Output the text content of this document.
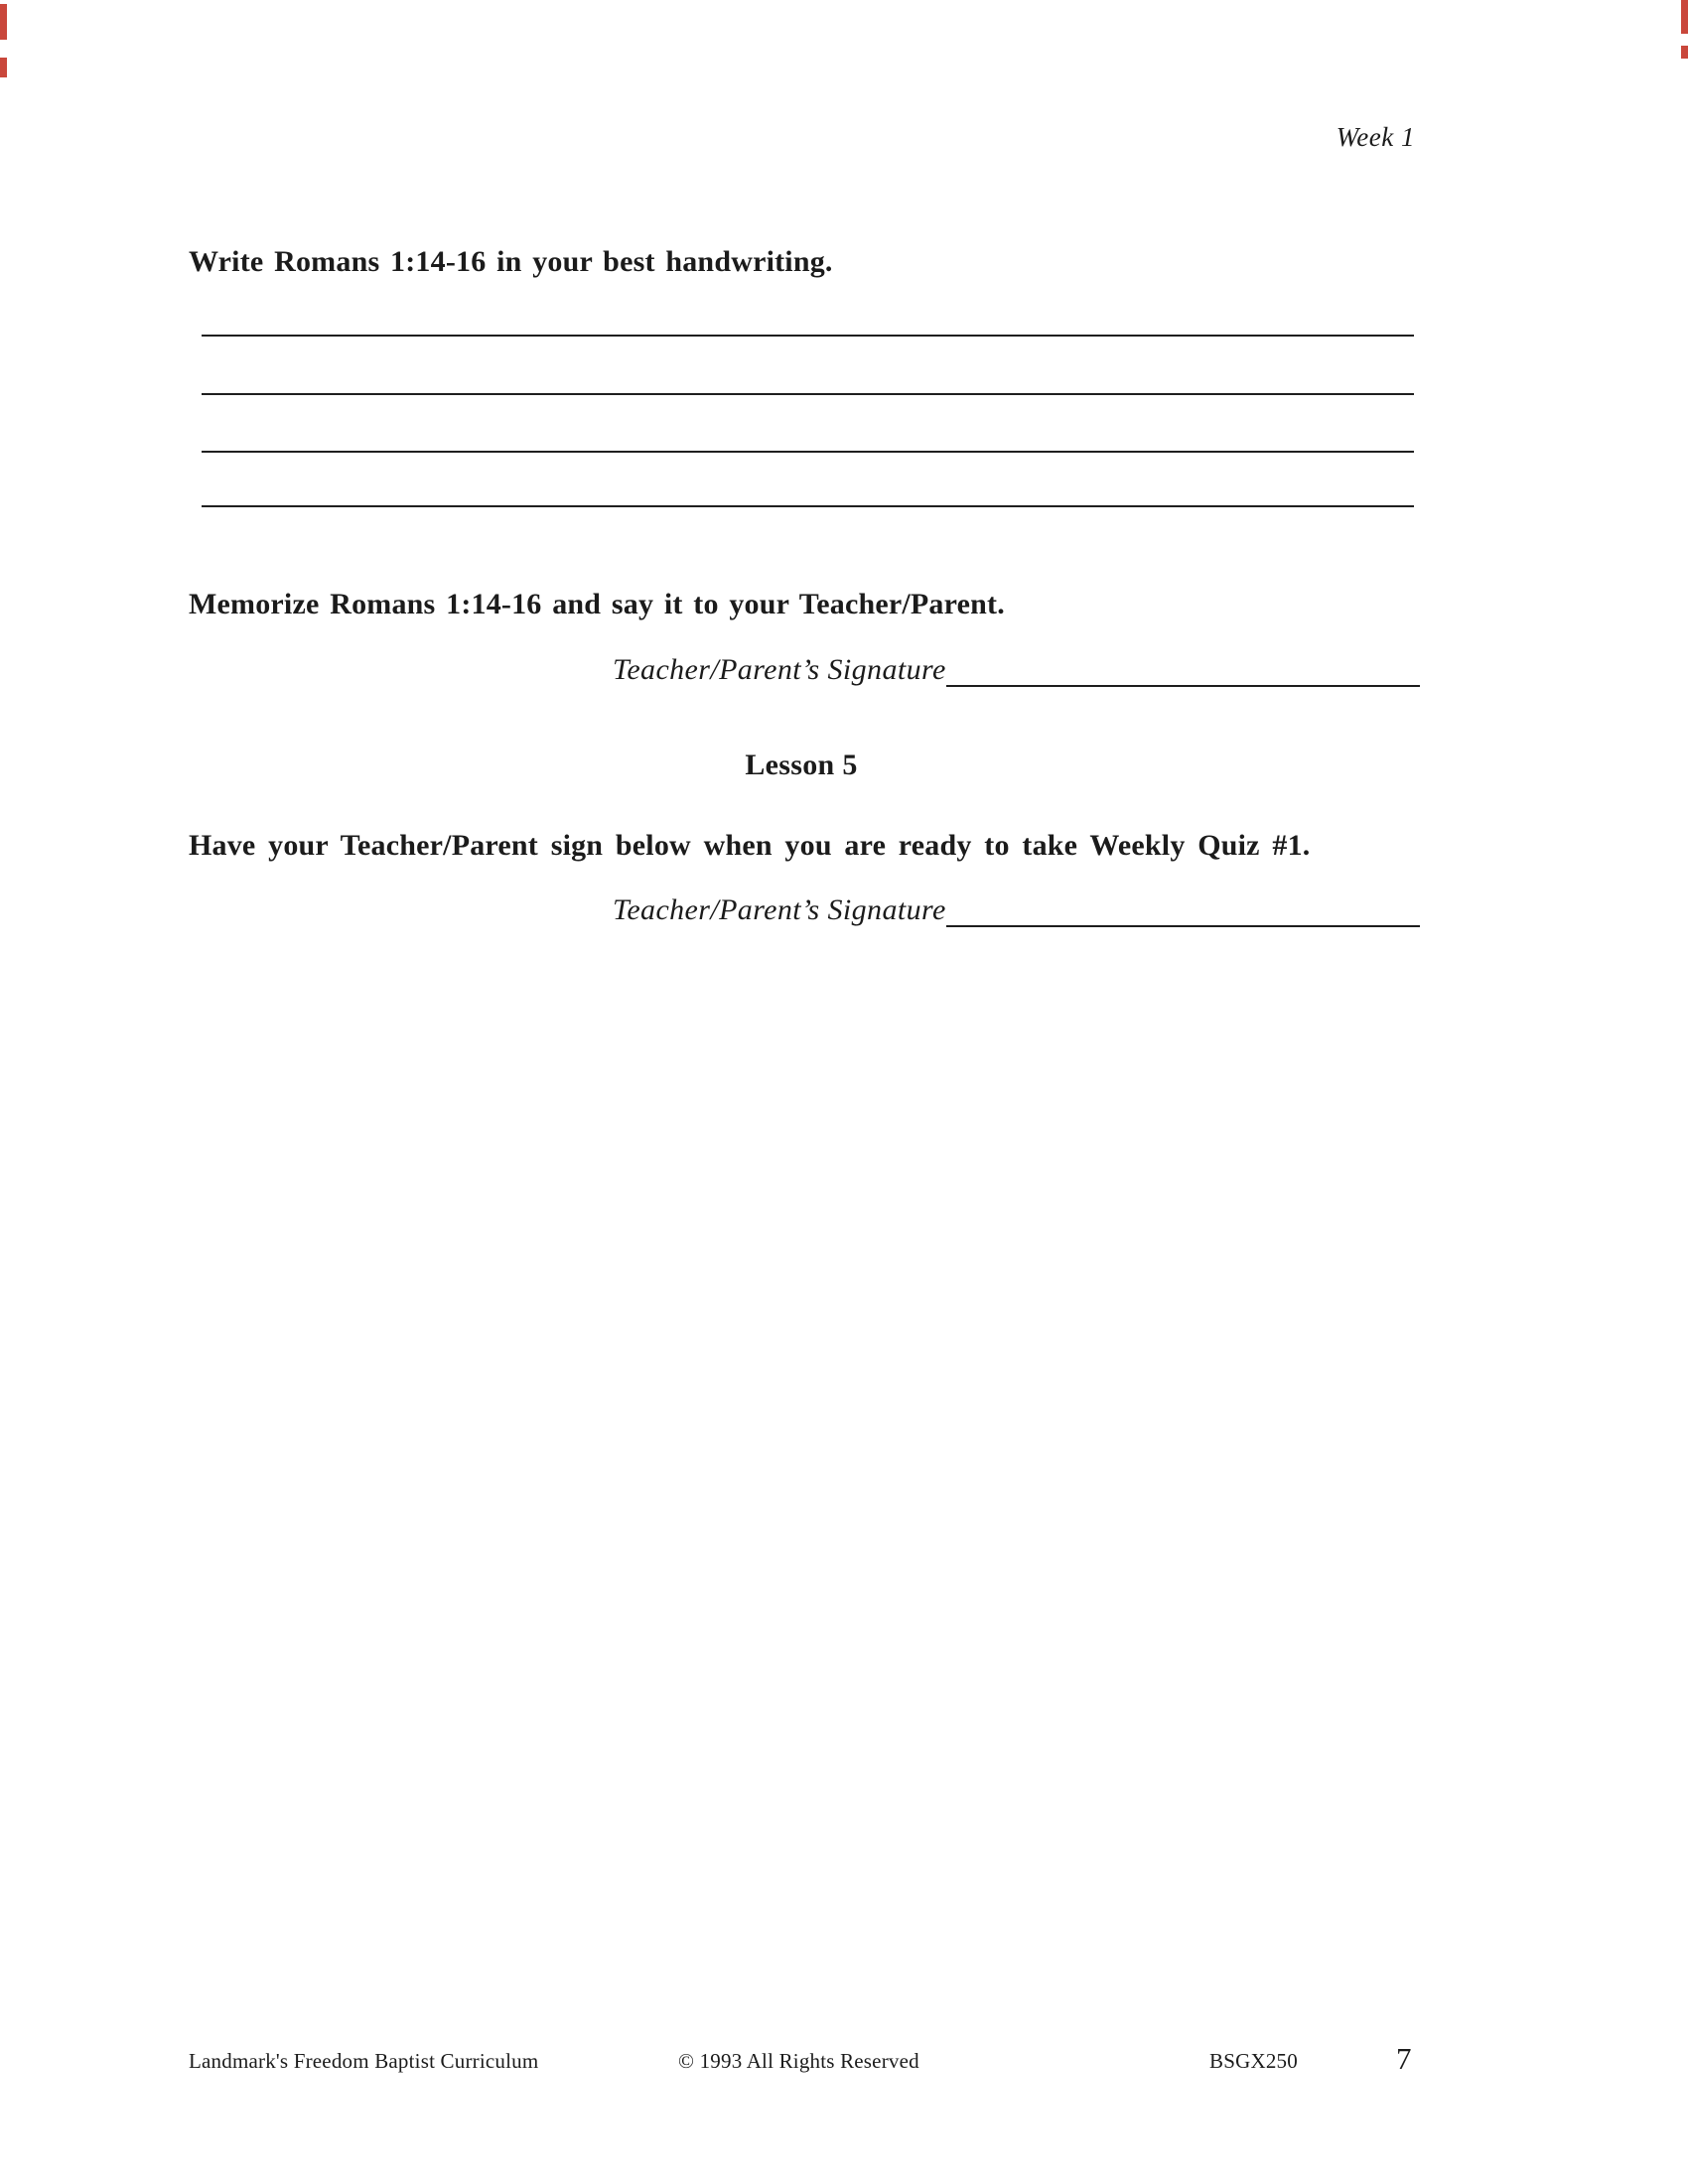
Week 1
Write Romans 1:14-16 in your best handwriting.
Memorize Romans 1:14-16 and say it to your Teacher/Parent.
Teacher/Parent’s Signature
Lesson 5
Have your Teacher/Parent sign below when you are ready to take Weekly Quiz #1.
Teacher/Parent’s Signature
Landmark's Freedom Baptist Curriculum	© 1993 All Rights Reserved	BSGX250	7
